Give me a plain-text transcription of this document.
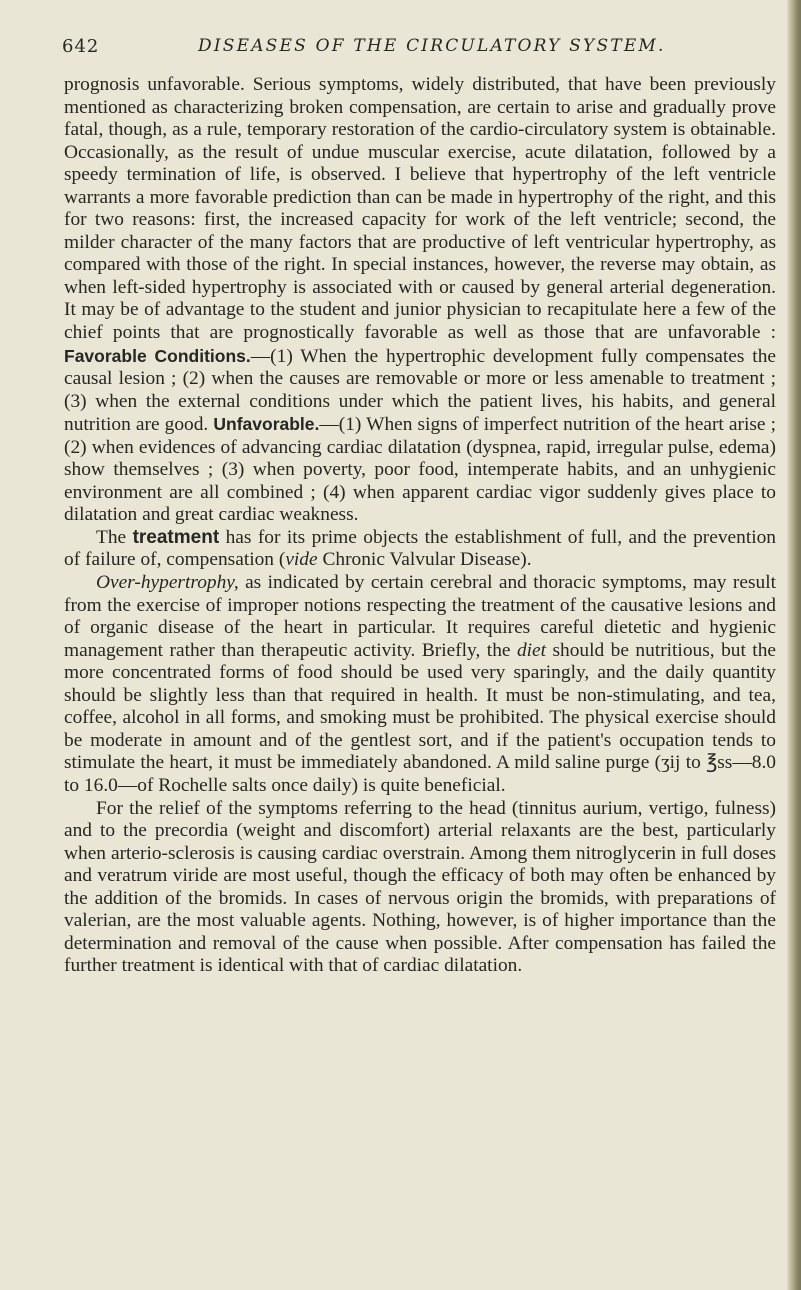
642	DISEASES OF THE CIRCULATORY SYSTEM.

prognosis unfavorable. Serious symptoms, widely distributed, that have been previously mentioned as characterizing broken compensation, are certain to arise and gradually prove fatal, though, as a rule, temporary restoration of the cardio-circulatory system is obtainable. Occasionally, as the result of undue muscular exercise, acute dilatation, followed by a speedy termination of life, is observed. I believe that hypertrophy of the left ventricle warrants a more favorable prediction than can be made in hypertrophy of the right, and this for two reasons: first, the increased capacity for work of the left ventricle; second, the milder character of the many factors that are productive of left ventricular hypertrophy, as compared with those of the right. In special instances, however, the reverse may obtain, as when left-sided hypertrophy is associated with or caused by general arterial degeneration. It may be of advantage to the student and junior physician to recapitulate here a few of the chief points that are prognostically favorable as well as those that are unfavorable : Favorable Conditions.—(1) When the hypertrophic development fully compensates the causal lesion ; (2) when the causes are removable or more or less amenable to treatment ; (3) when the external conditions under which the patient lives, his habits, and general nutrition are good. Unfavorable.—(1) When signs of imperfect nutrition of the heart arise ; (2) when evidences of advancing cardiac dilatation (dyspnea, rapid, irregular pulse, edema) show themselves ; (3) when poverty, poor food, intemperate habits, and an unhygienic environment are all combined ; (4) when apparent cardiac vigor suddenly gives place to dilatation and great cardiac weakness.

The treatment has for its prime objects the establishment of full, and the prevention of failure of, compensation (vide Chronic Valvular Disease).

Over-hypertrophy, as indicated by certain cerebral and thoracic symptoms, may result from the exercise of improper notions respecting the treatment of the causative lesions and of organic disease of the heart in particular. It requires careful dietetic and hygienic management rather than therapeutic activity. Briefly, the diet should be nutritious, but the more concentrated forms of food should be used very sparingly, and the daily quantity should be slightly less than that required in health. It must be non-stimulating, and tea, coffee, alcohol in all forms, and smoking must be prohibited. The physical exercise should be moderate in amount and of the gentlest sort, and if the patient's occupation tends to stimulate the heart, it must be immediately abandoned. A mild saline purge (ʒij to ℥ss—8.0 to 16.0—of Rochelle salts once daily) is quite beneficial.

For the relief of the symptoms referring to the head (tinnitus aurium, vertigo, fulness) and to the precordia (weight and discomfort) arterial relaxants are the best, particularly when arterio-sclerosis is causing cardiac overstrain. Among them nitroglycerin in full doses and veratrum viride are most useful, though the efficacy of both may often be enhanced by the addition of the bromids. In cases of nervous origin the bromids, with preparations of valerian, are the most valuable agents. Nothing, however, is of higher importance than the determination and removal of the cause when possible. After compensation has failed the further treatment is identical with that of cardiac dilatation.
